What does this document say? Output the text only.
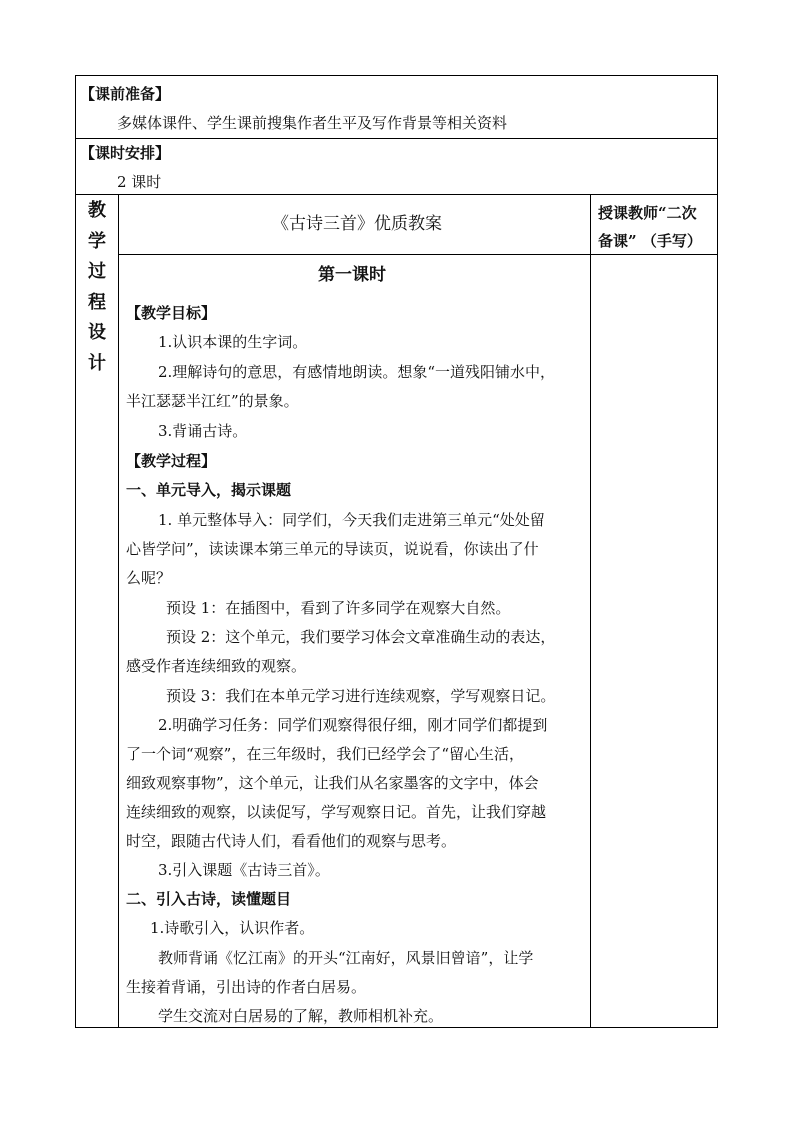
【课前准备】
多媒体课件、学生课前搜集作者生平及写作背景等相关资料
【课时安排】
2 课时
教
学
过
程
设
计
《古诗三首》优质教案
授课教师“二次
备课” （手写）
第一课时
【教学目标】
1.认识本课的生字词。
2.理解诗句的意思，有感情地朗读。想象“一道残阳铺水中，
半江瑟瑟半江红”的景象。
3.背诵古诗。
【教学过程】
一、单元导入，揭示课题
1. 单元整体导入：同学们，今天我们走进第三单元“处处留
心皆学问”，读读课本第三单元的导读页，说说看，你读出了什
么呢？
预设 1：在插图中，看到了许多同学在观察大自然。
预设 2：这个单元，我们要学习体会文章准确生动的表达，
感受作者连续细致的观察。
预设 3：我们在本单元学习进行连续观察，学写观察日记。
2.明确学习任务：同学们观察得很仔细，刚才同学们都提到
了一个词“观察”，在三年级时，我们已经学会了“留心生活，
细致观察事物”，这个单元，让我们从名家墨客的文字中，体会
连续细致的观察，以读促写，学写观察日记。首先，让我们穿越
时空，跟随古代诗人们，看看他们的观察与思考。
3.引入课题《古诗三首》。
二、引入古诗，读懂题目
1.诗歌引入，认识作者。
教师背诵《忆江南》的开头“江南好，风景旧曾谙”，让学
生接着背诵，引出诗的作者白居易。
学生交流对白居易的了解，教师相机补充。
